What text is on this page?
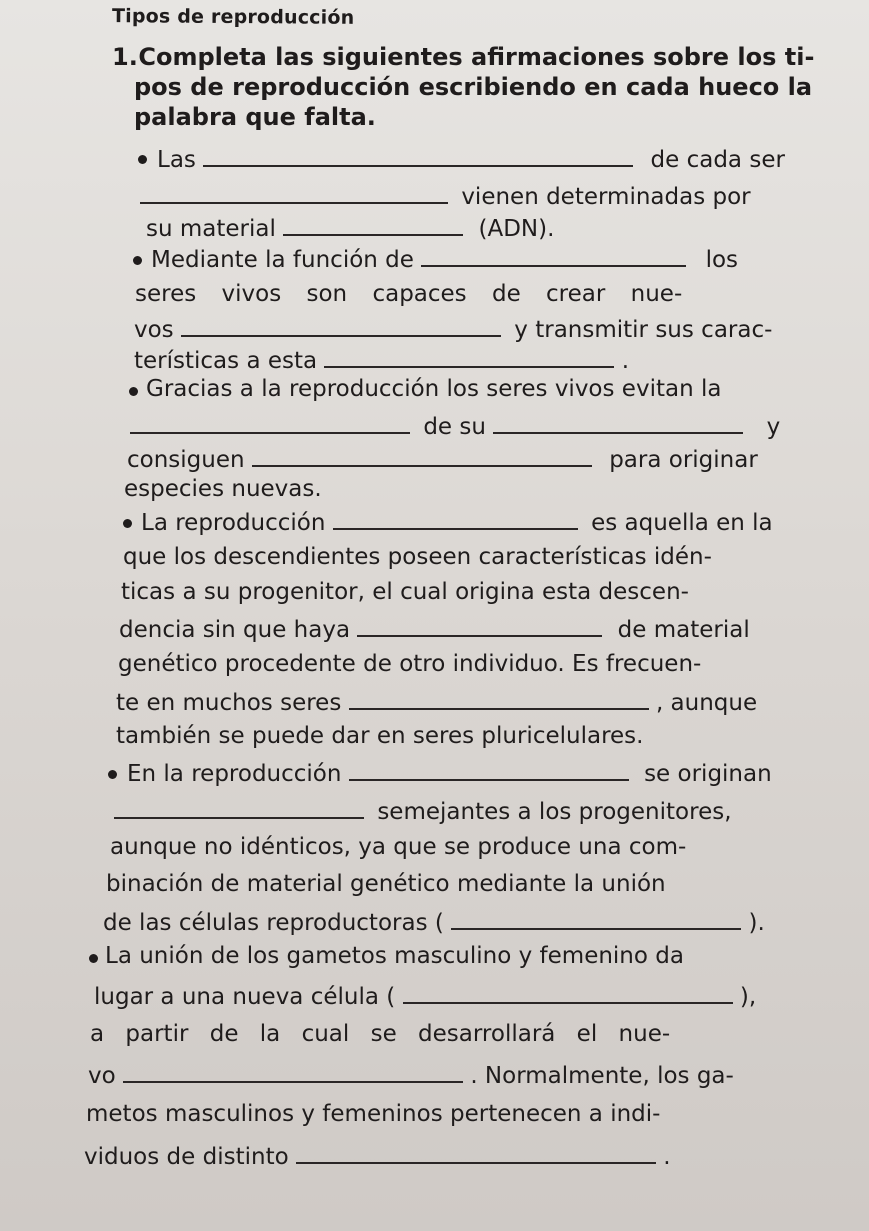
Tipos de reproducción
1. Completa las siguientes afirmaciones sobre los ti-
pos de reproducción escribiendo en cada hueco la
palabra que falta.
Las	de cada ser
vienen determinadas por
su material	(ADN).
Mediante la función de	los
seres vivos son capaces de crear nue-
vos	y transmitir sus carac-
terísticas a esta	.
Gracias a la reproducción los seres vivos evitan la
de su	y
consiguen	para originar
especies nuevas.
La reproducción	es aquella en la
que los descendientes poseen características idén-
ticas a su progenitor, el cual origina esta descen-
dencia sin que haya	de material
genético procedente de otro individuo. Es frecuen-
te en muchos seres	, aunque
también se puede dar en seres pluricelulares.
En la reproducción	se originan
semejantes a los progenitores,
aunque no idénticos, ya que se produce una com-
binación de material genético mediante la unión
de las células reproductoras (	).
La unión de los gametos masculino y femenino da
lugar a una nueva célula (	),
a partir de la cual se desarrollará el nue-
vo	. Normalmente, los ga-
metos masculinos y femeninos pertenecen a indi-
viduos de distinto	.
